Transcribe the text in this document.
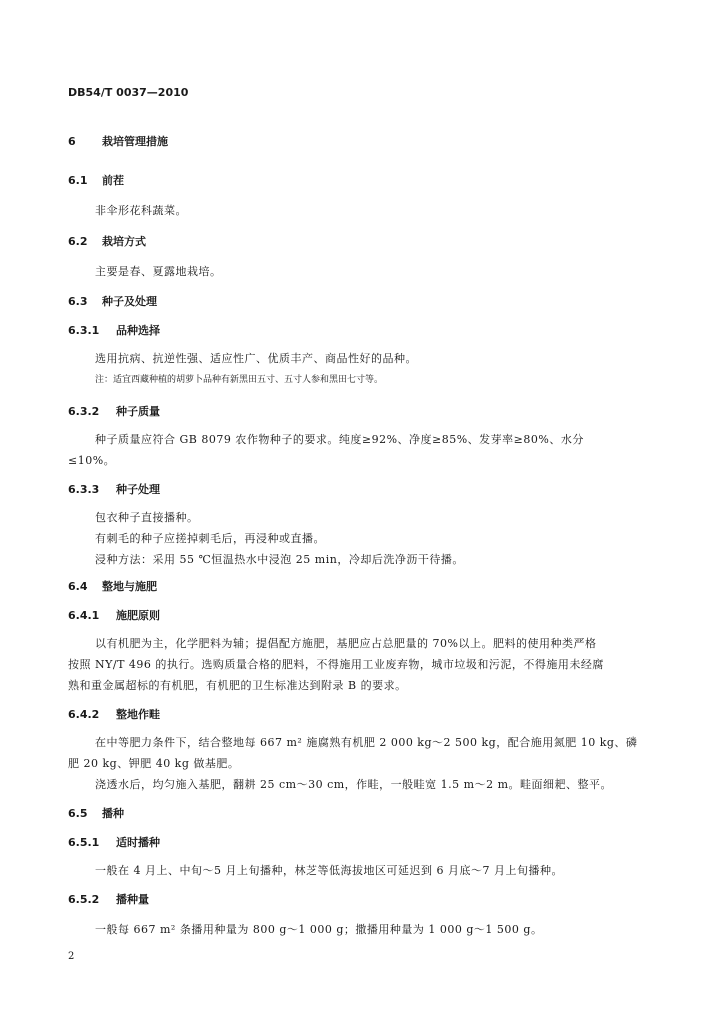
DB54/T 0037—2010
6 栽培管理措施
6.1 前茬
非伞形花科蔬菜。
6.2 栽培方式
主要是春、夏露地栽培。
6.3 种子及处理
6.3.1 品种选择
选用抗病、抗逆性强、适应性广、优质丰产、商品性好的品种。
注：适宜西藏种植的胡萝卜品种有新黑田五寸、五寸人参和黑田七寸等。
6.3.2 种子质量
种子质量应符合 GB 8079 农作物种子的要求。纯度≥92%、净度≥85%、发芽率≥80%、水分
≤10%。
6.3.3 种子处理
包衣种子直接播种。
有刺毛的种子应搓掉刺毛后，再浸种或直播。
浸种方法：采用 55 ℃恒温热水中浸泡 25 min，冷却后洗净沥干待播。
6.4 整地与施肥
6.4.1 施肥原则
以有机肥为主，化学肥料为辅；提倡配方施肥，基肥应占总肥量的 70%以上。肥料的使用种类严格
按照 NY/T 496 的执行。选购质量合格的肥料，不得施用工业废弃物，城市垃圾和污泥，不得施用未经腐
熟和重金属超标的有机肥，有机肥的卫生标准达到附录 B 的要求。
6.4.2 整地作畦
在中等肥力条件下，结合整地每 667 m² 施腐熟有机肥 2 000 kg～2 500 kg，配合施用氮肥 10 kg、磷
肥 20 kg、钾肥 40 kg 做基肥。
浇透水后，均匀施入基肥，翻耕 25 cm～30 cm，作畦，一般畦宽 1.5 m～2 m。畦面细耙、整平。
6.5 播种
6.5.1 适时播种
一般在 4 月上、中旬～5 月上旬播种，林芝等低海拔地区可延迟到 6 月底～7 月上旬播种。
6.5.2 播种量
一般每 667 m² 条播用种量为 800 g～1 000 g；撒播用种量为 1 000 g～1 500 g。
2
